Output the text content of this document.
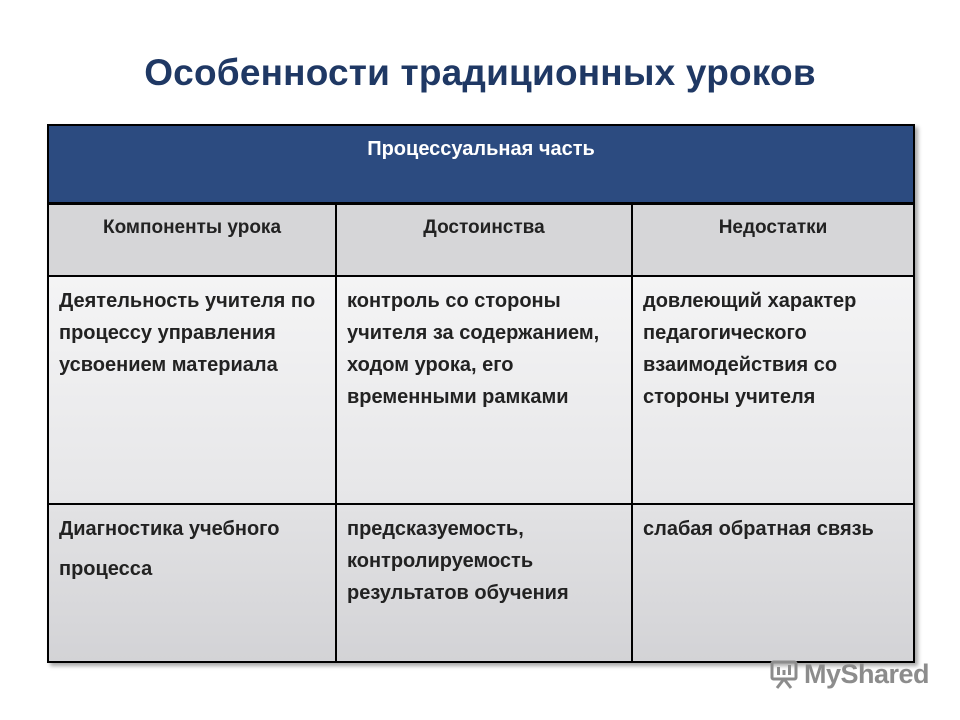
Особенности традиционных уроков
Процессуальная часть		
Компоненты урока	Достоинства	Недостатки
Деятельность учителя по процессу управления усвоением материала	контроль со стороны учителя за содержанием, ходом урока, его временными рамками	довлеющий характер педагогического взаимодействия со стороны учителя
Диагностика учебного процесса	предсказуемость, контролируемость результатов обучения	слабая обратная связь
MyShared
